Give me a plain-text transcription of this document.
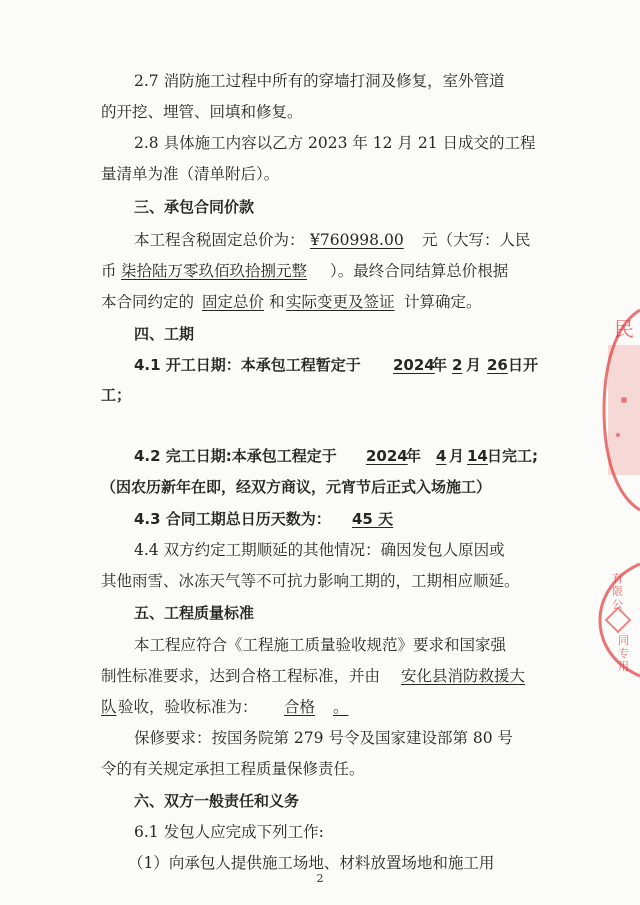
2.7 消防施工过程中所有的穿墙打洞及修复，室外管道
的开挖、埋管、回填和修复。
2.8 具体施工内容以乙方 2023 年 12 月 21 日成交的工程
量清单为准（清单附后）。
三、承包合同价款
本工程含税固定总价为： ¥760998.00 元（大写：人民
币 柒拾陆万零玖佰玖拾捌元整 ）。最终合同结算总价根据
本合同约定的 固定总价 和 实际变更及签证 计算确定。
四、工期
4.1 开工日期：本承包工程暂定于 2024
年 2 月 26 日开
工；
4.2 完工日期:本承包工程定于 2024
年 4 月 14 日完工;
（因农历新年在即，经双方商议，元宵节后正式入场施工）
4.3 合同工期总日历天数为： 45 天
4.4 双方约定工期顺延的其他情况：确因发包人原因或
其他雨雪、冰冻天气等不可抗力影响工期的，工期相应顺延。
五、工程质量标准
本工程应符合《工程施工质量验收规范》要求和国家强
制性标准要求，达到合格工程标准，并由 安化县消防救援大
队 验收，验收标准为： 合格 。
保修要求：按国务院第 279 号令及国家建设部第 80 号
令的有关规定承担工程质量保修责任。
六、双方一般责任和义务
6.1 发包人应完成下列工作:
（1）向承包人提供施工场地、材料放置场地和施工用
2
民
有限公
同专用
